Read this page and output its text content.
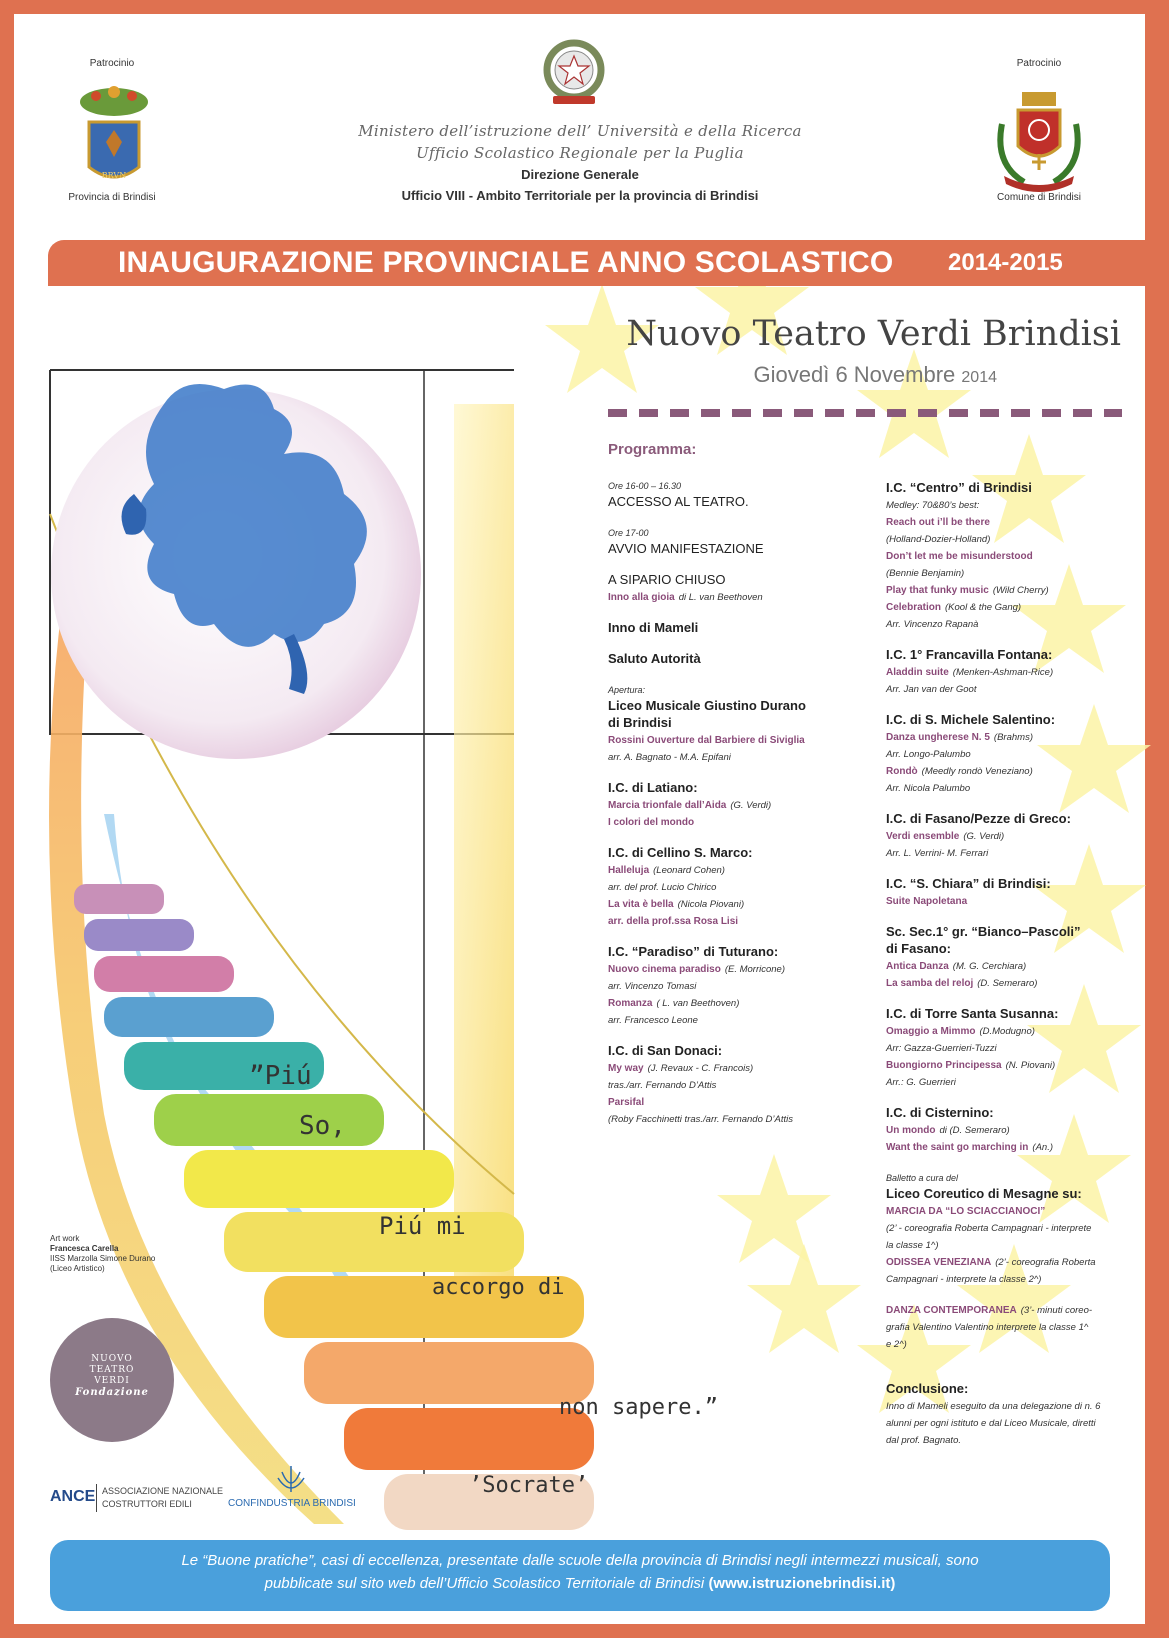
Patrocinio
BRVN
Provincia di Brindisi
Ministero dell’istruzione dell’ Università e della Ricerca
Ufficio Scolastico Regionale per la Puglia
Direzione Generale
Ufficio VIII - Ambito Territoriale per la provincia di Brindisi
Patrocinio
Comune di Brindisi
INAUGURAZIONE PROVINCIALE ANNO SCOLASTICO 2014-2015
”Piú
So,
Piú mi
accorgo di
non sapere.”
’Socrate’
Art work
Francesca Carella
IISS Marzolla Simone Durano
(Liceo Artistico)
NUOVO
TEATRO
VERDI
Fondazione
ANCE ASSOCIAZIONE NAZIONALE
COSTRUTTORI EDILI	CONFINDUSTRIA BRINDISI
Nuovo Teatro Verdi Brindisi
Giovedì 6 Novembre 2014
Programma:
Ore 16-00 – 16.30
ACCESSO AL TEATRO.
Ore 17-00
AVVIO MANIFESTAZIONE
A SIPARIO CHIUSO
Inno alla gioia di L. van Beethoven
Inno di Mameli
Saluto Autorità
Apertura:
Liceo Musicale Giustino Durano
di Brindisi
Rossini Ouverture dal Barbiere di Siviglia
arr. A. Bagnato - M.A. Epifani
I.C. di Latiano:
Marcia trionfale dall’Aida (G. Verdi)
I colori del mondo
I.C. di Cellino S. Marco:
Halleluja (Leonard Cohen)
arr. del prof. Lucio Chirico
La vita è bella (Nicola Piovani)
arr. della prof.ssa Rosa Lisi
I.C. “Paradiso” di Tuturano:
Nuovo cinema paradiso (E. Morricone)
arr. Vincenzo Tomasi
Romanza ( L. van Beethoven)
arr. Francesco Leone
I.C. di San Donaci:
My way (J. Revaux - C. Francois)
tras./arr. Fernando D’Attis
Parsifal
(Roby Facchinetti tras./arr. Fernando D’Attis
I.C. “Centro” di Brindisi
Medley: 70&80’s best:
Reach out i’ll be there
(Holland-Dozier-Holland)
Don’t let me be misunderstood
(Bennie Benjamin)
Play that funky music (Wild Cherry)
Celebration (Kool & the Gang)
Arr. Vincenzo Rapanà
I.C. 1° Francavilla Fontana:
Aladdin suite (Menken-Ashman-Rice)
Arr. Jan van der Goot
I.C. di S. Michele Salentino:
Danza ungherese N. 5 (Brahms)
Arr. Longo-Palumbo
Rondò (Meedly rondò Veneziano)
Arr. Nicola Palumbo
I.C. di Fasano/Pezze di Greco:
Verdi ensemble (G. Verdi)
Arr. L. Verrini- M. Ferrari
I.C. “S. Chiara” di Brindisi:
Suite Napoletana
Sc. Sec.1° gr. “Bianco–Pascoli”
di Fasano:
Antica Danza (M. G. Cerchiara)
La samba del reloj (D. Semeraro)
I.C. di Torre Santa Susanna:
Omaggio a Mimmo (D.Modugno)
Arr: Gazza-Guerrieri-Tuzzi
Buongiorno Principessa (N. Piovani)
Arr.: G. Guerrieri
I.C. di Cisternino:
Un mondo di (D. Semeraro)
Want the saint go marching in (An.)
Balletto a cura del
Liceo Coreutico di Mesagne su:
MARCIA DA “LO SCIACCIANOCI”
(2’ - coreografia Roberta Campagnari - interprete
la classe 1^)
ODISSEA VENEZIANA (2’- coreografia Roberta
Campagnari - interprete la classe 2^)
DANZA CONTEMPORANEA (3’- minuti coreo-
grafia Valentino Valentino interprete la classe 1^
e 2^)
Conclusione:
Inno di Mameli eseguito da una delegazione di n. 6
alunni per ogni istituto e dal Liceo Musicale, diretti
dal prof. Bagnato.
Le “Buone pratiche”, casi di eccellenza, presentate dalle scuole della provincia di Brindisi negli intermezzi musicali, sono
pubblicate sul sito web dell’Ufficio Scolastico Territoriale di Brindisi (www.istruzionebrindisi.it)
